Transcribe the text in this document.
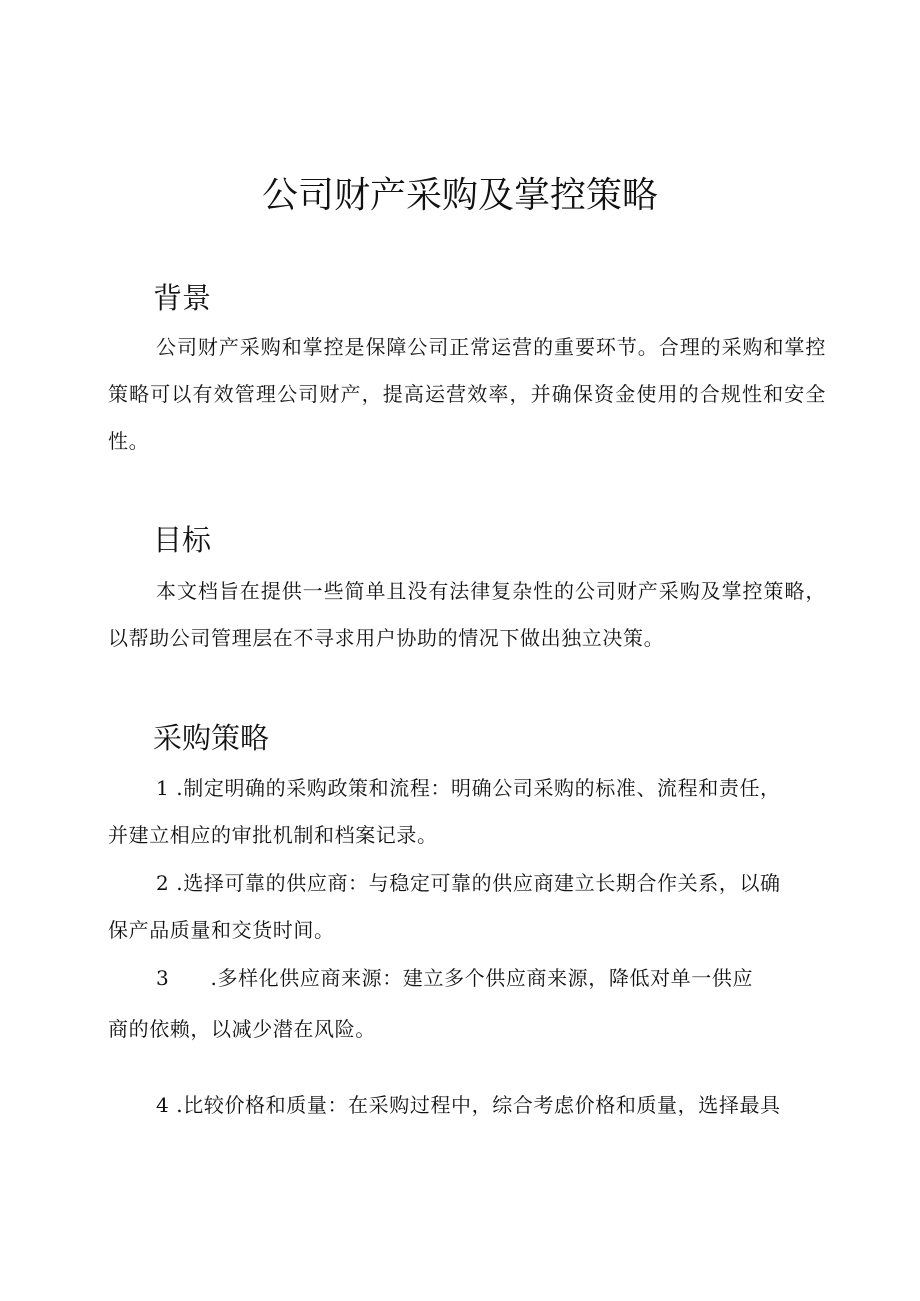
公司财产采购及掌控策略
背景
公司财产采购和掌控是保障公司正常运营的重要环节。合理的采购和掌控策略可以有效管理公司财产，提高运营效率，并确保资金使用的合规性和安全性。
目标
本文档旨在提供一些简单且没有法律复杂性的公司财产采购及掌控策略，以帮助公司管理层在不寻求用户协助的情况下做出独立决策。
采购策略
1 .制定明确的采购政策和流程：明确公司采购的标准、流程和责任，
并建立相应的审批机制和档案记录。
2 .选择可靠的供应商：与稳定可靠的供应商建立长期合作关系，以确
保产品质量和交货时间。
3　　.多样化供应商来源：建立多个供应商来源，降低对单一供应
商的依赖，以减少潜在风险。
4 .比较价格和质量：在采购过程中，综合考虑价格和质量，选择最具
